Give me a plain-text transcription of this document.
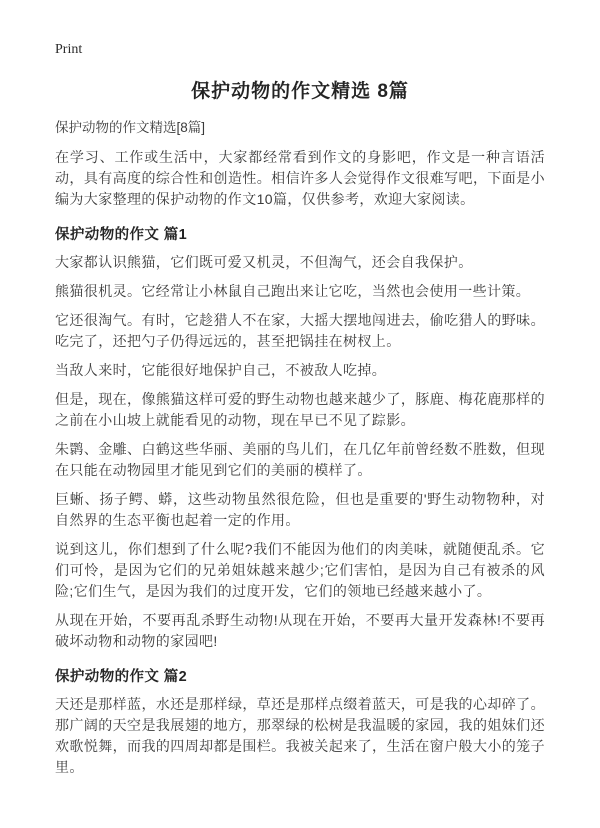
Print
保护动物的作文精选 8篇

保护动物的作文精选[8篇]

在学习、工作或生活中，大家都经常看到作文的身影吧，作文是一种言语活动，具有高度的综合性和创造性。相信许多人会觉得作文很难写吧，下面是小编为大家整理的保护动物的作文10篇，仅供参考，欢迎大家阅读。

保护动物的作文 篇1

大家都认识熊猫，它们既可爱又机灵，不但淘气，还会自我保护。

熊猫很机灵。它经常让小林鼠自己跑出来让它吃，当然也会使用一些计策。

它还很淘气。有时，它趁猎人不在家，大摇大摆地闯进去，偷吃猎人的野味。吃完了，还把勺子仍得远远的，甚至把锅挂在树杈上。

当敌人来时，它能很好地保护自己，不被敌人吃掉。

但是，现在，像熊猫这样可爱的野生动物也越来越少了，豚鹿、梅花鹿那样的之前在小山坡上就能看见的动物，现在早已不见了踪影。

朱鹮、金雕、白鹤这些华丽、美丽的鸟儿们，在几亿年前曾经数不胜数，但现在只能在动物园里才能见到它们的美丽的模样了。

巨蜥、扬子鳄、蟒，这些动物虽然很危险，但也是重要的'野生动物物种，对自然界的生态平衡也起着一定的作用。

说到这儿，你们想到了什么呢?我们不能因为他们的肉美味，就随便乱杀。它们可怜，是因为它们的兄弟姐妹越来越少;它们害怕，是因为自己有被杀的风险;它们生气，是因为我们的过度开发，它们的领地已经越来越小了。

从现在开始，不要再乱杀野生动物!从现在开始，不要再大量开发森林!不要再破坏动物和动物的家园吧!

保护动物的作文 篇2

天还是那样蓝，水还是那样绿，草还是那样点缀着蓝天，可是我的心却碎了。那广阔的天空是我展翅的地方，那翠绿的松树是我温暖的家园，我的姐妹们还欢歌悦舞，而我的四周却都是围栏。我被关起来了，生活在窗户般大小的笼子里。
